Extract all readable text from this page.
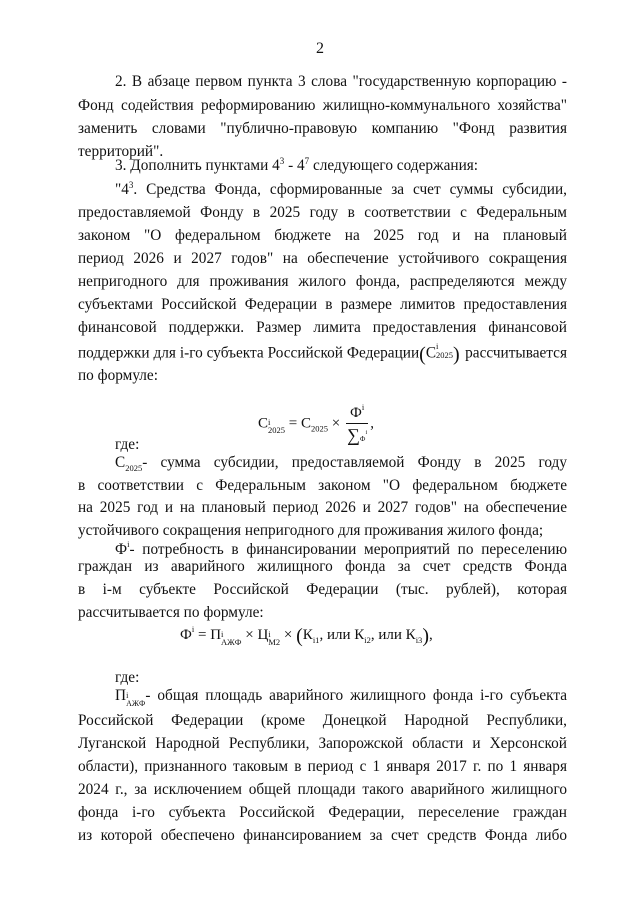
2
2. В абзаце первом пункта 3 слова "государственную корпорацию -
Фонд содействия реформированию жилищно-коммунального хозяйства"
заменить словами "публично-правовую компанию "Фонд развития
территорий".
3. Дополнить пунктами $4^3 - 4^7$ следующего содержания:
"$4^3$. Средства Фонда, сформированные за счет суммы субсидии,
предоставляемой Фонду в 2025 году в соответствии с Федеральным
законом "О федеральном бюджете на 2025 год и на плановый
период 2026 и 2027 годов" на обеспечение устойчивого сокращения
непригодного для проживания жилого фонда, распределяются между
субъектами Российской Федерации в размере лимитов предоставления
финансовой поддержки. Размер лимита предоставления финансовой
поддержки для i-го субъекта Российской Федерации(С i
2025 ) рассчитывается
по формуле:
С i
$2025 = С_{2025} \times \frac{Ф^i}{\sum Ф^i}$ ,
где:
$С_{2025}-$ сумма субсидии, предоставляемой Фонду в 2025 году
в соответствии с Федеральным законом "О федеральном бюджете
на 2025 год и на плановый период 2026 и 2027 годов" на обеспечение
устойчивого сокращения непригодного для проживания жилого фонда;
$Ф^i-$ потребность в финансировании мероприятий по переселению
граждан из аварийного жилищного фонда за счет средств Фонда
в i-м субъекте Российской Федерации (тыс. рублей), которая
рассчитывается по формуле:
$Ф^i = П$ i
АЖФ × Ц i
$М2 \times (К_{i1}$, или $К_{i2}$, или $К_{i3}$),
где:
П i
АЖФ - общая площадь аварийного жилищного фонда i-го субъекта
Российской Федерации (кроме Донецкой Народной Республики,
Луганской Народной Республики, Запорожской области и Херсонской
области), признанного таковым в период с 1 января 2017 г. по 1 января
2024 г., за исключением общей площади такого аварийного жилищного
фонда i-го субъекта Российской Федерации, переселение граждан
из которой обеспечено финансированием за счет средств Фонда либо
